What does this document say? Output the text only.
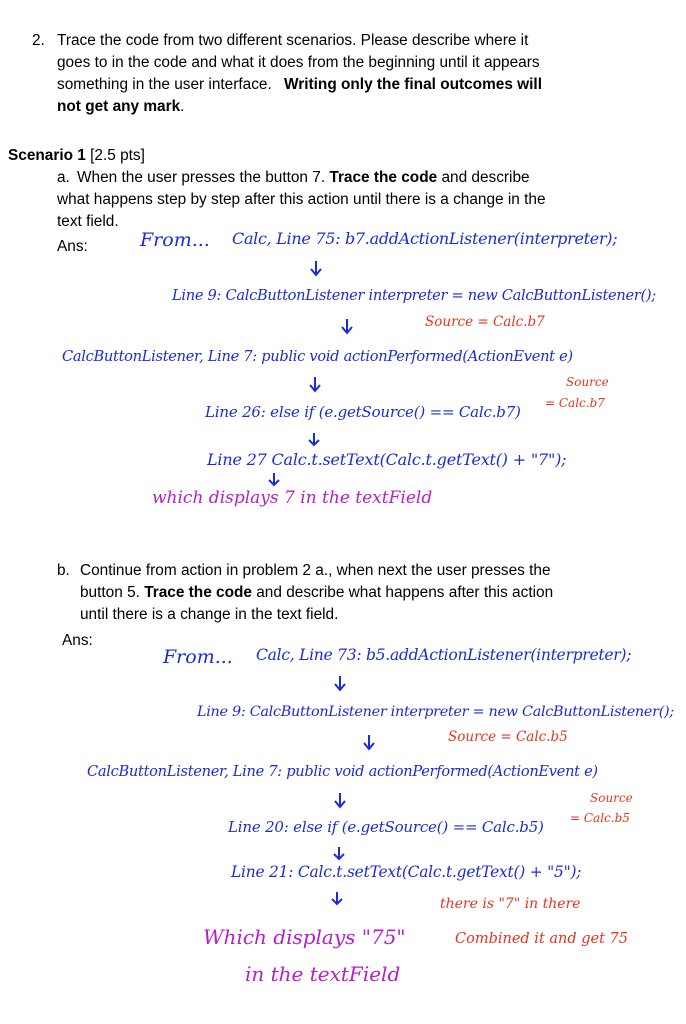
2. Trace the code from two different scenarios. Please describe where it
goes to in the code and what it does from the beginning until it appears
something in the user interface. Writing only the final outcomes will
not get any mark.
Scenario 1 [2.5 pts]
a. When the user presses the button 7. Trace the code and describe
what happens step by step after this action until there is a change in the
text field.
Ans:	From... Calc, Line 75: b7.addActionListener(interpreter);
Line 9: CalcButtonListener interpreter = new CalcButtonListener();
Source = Calc.b7
CalcButtonListener, Line 7: public void actionPerformed(ActionEvent e)
Source
= Calc.b7
Line 26: else if (e.getSource() == Calc.b7)
Line 27 Calc.t.setText(Calc.t.getText() + "7");
which displays 7 in the textField
b. Continue from action in problem 2 a., when next the user presses the
button 5. Trace the code and describe what happens after this action
until there is a change in the text field.
Ans:
From... Calc, Line 73: b5.addActionListener(interpreter);
Line 9: CalcButtonListener interpreter = new CalcButtonListener();
Source = Calc.b5
CalcButtonListener, Line 7: public void actionPerformed(ActionEvent e)
Source
= Calc.b5
Line 20: else if (e.getSource() == Calc.b5)
Line 21: Calc.t.setText(Calc.t.getText() + "5");
there is "7" in there
Combined it and get 75
Which displays "75"
in the textField
